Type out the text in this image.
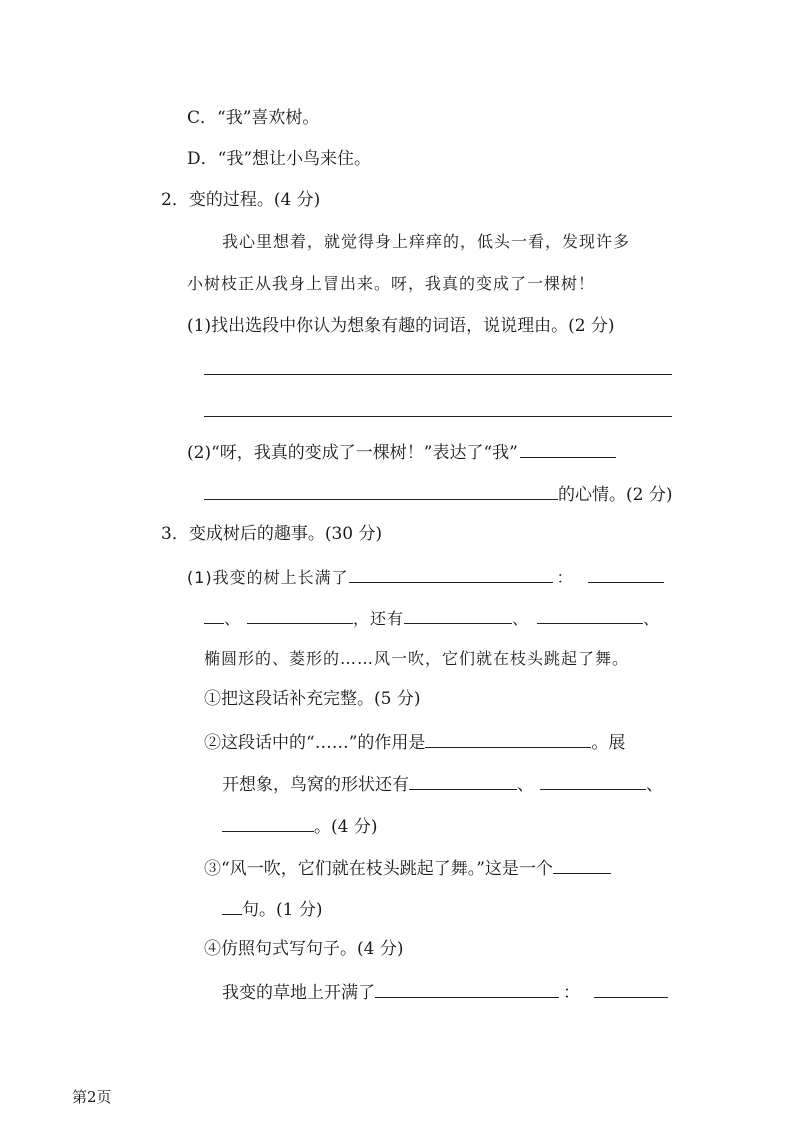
C．“我”喜欢树。
D．“我”想让小鸟来住。
2．变的过程。(4 分)
我心里想着，就觉得身上痒痒的，低头一看，发现许多
小树枝正从我身上冒出来。呀，我真的变成了一棵树！
(1)找出选段中你认为想象有趣的词语，说说理由。(2 分)
(2)“呀，我真的变成了一棵树！”表达了“我”
的心情。(2 分)
3．变成树后的趣事。(30 分)
(1)我变的树上长满了	：
、	，还有	、	、
椭圆形的、菱形的……风一吹，它们就在枝头跳起了舞。
①把这段话补充完整。(5 分)
②这段话中的“……”的作用是	。展
开想象，鸟窝的形状还有	、	、
。(4 分)
③“风一吹，它们就在枝头跳起了舞。”这是一个
句。(1 分)
④仿照句式写句子。(4 分)
我变的草地上开满了	：
第2页
